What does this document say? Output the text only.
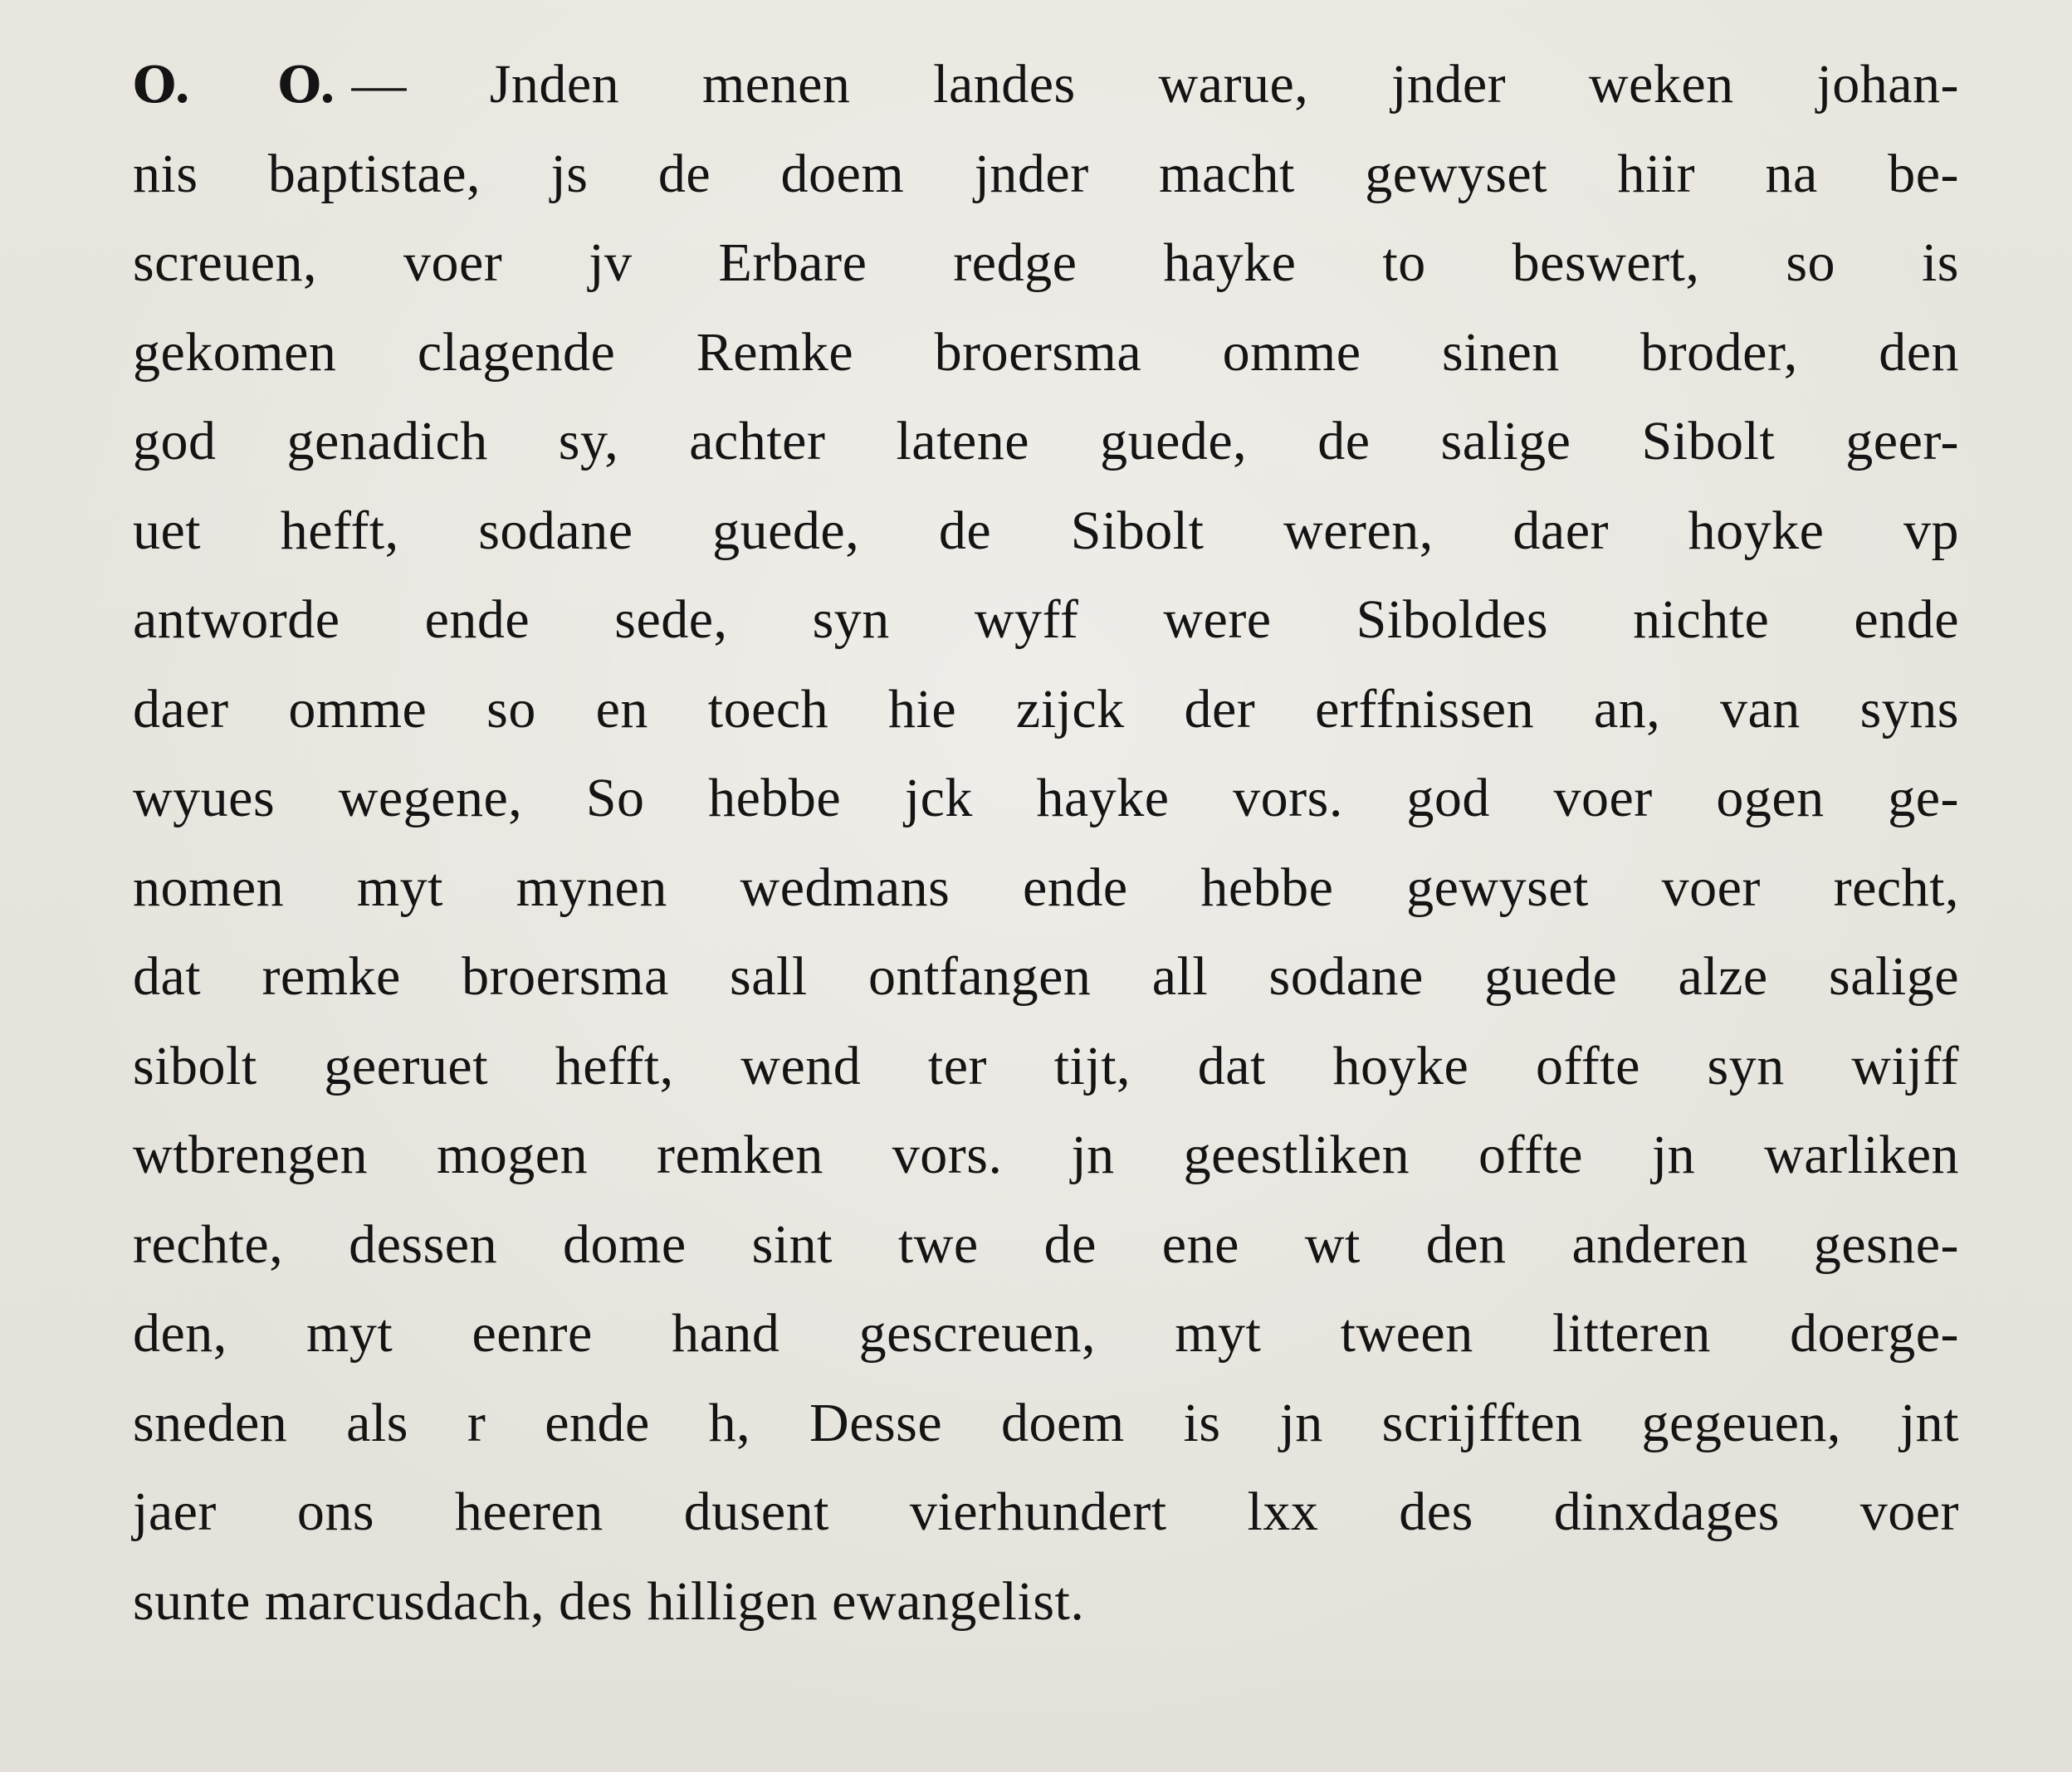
O. O. — Jnden menen landes warue, jnder weken johan-
nis baptistae, js de doem jnder macht gewyset hiir na be-
screuen, voer jv Erbare redge hayke to beswert, so is
gekomen clagende Remke broersma omme sinen broder, den
god genadich sy, achter latene guede, de salige Sibolt geer-
uet hefft, sodane guede, de Sibolt weren, daer hoyke vp
antworde ende sede, syn wyff were Siboldes nichte ende
daer omme so en toech hie zijck der erffnissen an, van syns
wyues wegene, So hebbe jck hayke vors. god voer ogen ge-
nomen myt mynen wedmans ende hebbe gewyset voer recht,
dat remke broersma sall ontfangen all sodane guede alze salige
sibolt geeruet hefft, wend ter tijt, dat hoyke offte syn wijff
wtbrengen mogen remken vors. jn geestliken offte jn warliken
rechte, dessen dome sint twe de ene wt den anderen gesne-
den, myt eenre hand gescreuen, myt tween litteren doerge-
sneden als r ende h, Desse doem is jn scrijfften gegeuen, jnt
jaer ons heeren dusent vierhundert lxx des dinxdages voer
sunte marcusdach, des hilligen ewangelist.
